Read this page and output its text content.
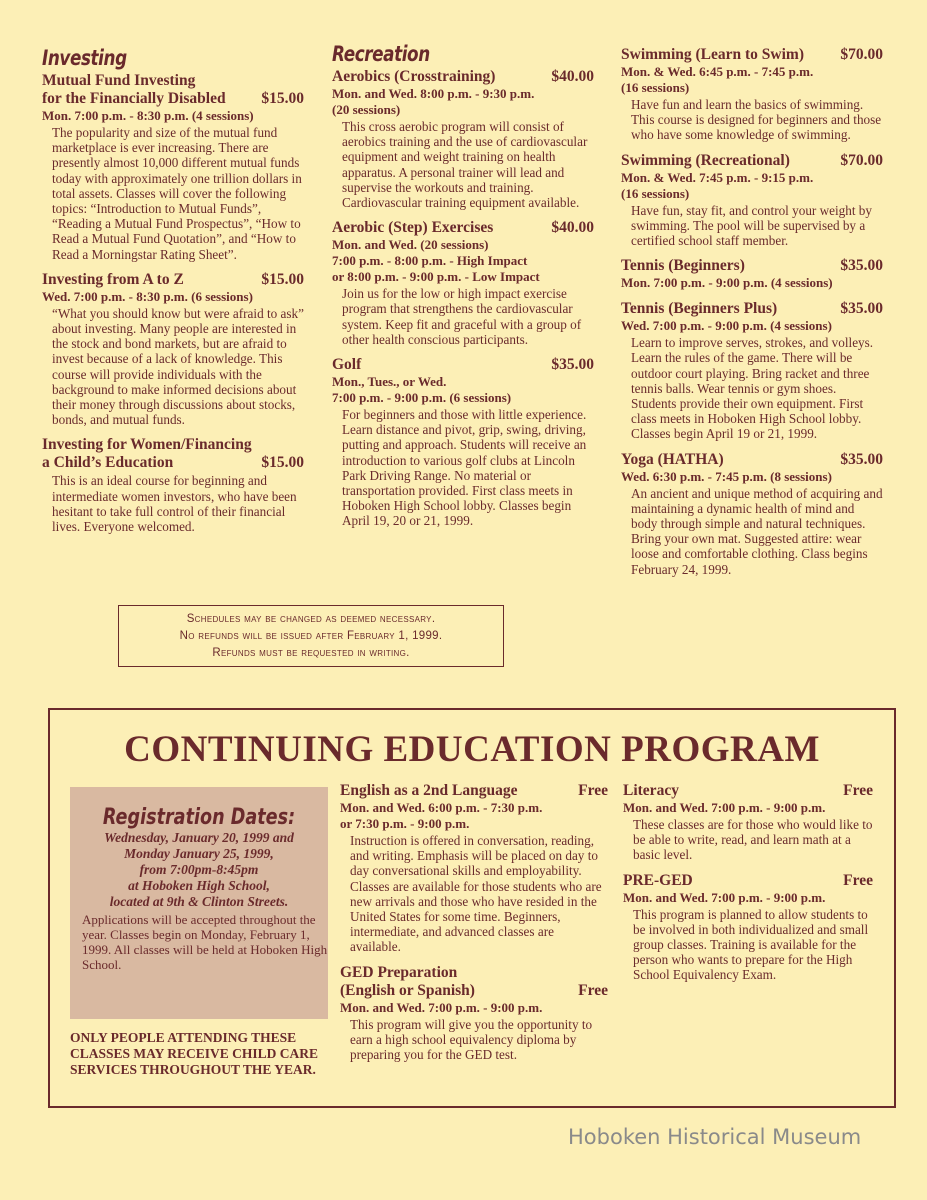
Investing
Mutual Fund Investing
for the Financially Disabled $15.00
Mon. 7:00 p.m. - 8:30 p.m. (4 sessions)
The popularity and size of the mutual fund marketplace is ever increasing. There are presently almost 10,000 different mutual funds today with approximately one trillion dollars in total assets. Classes will cover the following topics: “Introduction to Mutual Funds”, “Reading a Mutual Fund Prospectus”, “How to Read a Mutual Fund Quotation”, and “How to Read a Morningstar Rating Sheet”.
Investing from A to Z	$15.00
Wed. 7:00 p.m. - 8:30 p.m. (6 sessions)
“What you should know but were afraid to ask” about investing. Many people are interested in the stock and bond markets, but are afraid to invest because of a lack of knowledge. This course will provide individuals with the background to make informed decisions about their money through discussions about stocks, bonds, and mutual funds.
Investing for Women/Financing
a Child’s Education	$15.00
This is an ideal course for beginning and intermediate women investors, who have been hesitant to take full control of their financial lives. Everyone welcomed.
Recreation
Aerobics (Crosstraining)	$40.00
Mon. and Wed. 8:00 p.m. - 9:30 p.m.
(20 sessions)
This cross aerobic program will consist of aerobics training and the use of cardiovascular equipment and weight training on health apparatus. A personal trainer will lead and supervise the workouts and training. Cardiovascular training equipment available.
Aerobic (Step) Exercises	$40.00
Mon. and Wed. (20 sessions)
7:00 p.m. - 8:00 p.m. - High Impact
or 8:00 p.m. - 9:00 p.m. - Low Impact
Join us for the low or high impact exercise program that strengthens the cardiovascular system. Keep fit and graceful with a group of other health conscious participants.
Golf	$35.00
Mon., Tues., or Wed.
7:00 p.m. - 9:00 p.m. (6 sessions)
For beginners and those with little experience. Learn distance and pivot, grip, swing, driving, putting and approach. Students will receive an introduction to various golf clubs at Lincoln Park Driving Range. No material or transportation provided. First class meets in Hoboken High School lobby. Classes begin April 19, 20 or 21, 1999.
Swimming (Learn to Swim) $70.00
Mon. & Wed. 6:45 p.m. - 7:45 p.m.
(16 sessions)
Have fun and learn the basics of swimming. This course is designed for beginners and those who have some knowledge of swimming.
Swimming (Recreational)	$70.00
Mon. & Wed. 7:45 p.m. - 9:15 p.m.
(16 sessions)
Have fun, stay fit, and control your weight by swimming. The pool will be supervised by a certified school staff member.
Tennis (Beginners)	$35.00
Mon. 7:00 p.m. - 9:00 p.m. (4 sessions)
Tennis (Beginners Plus)	$35.00
Wed. 7:00 p.m. - 9:00 p.m. (4 sessions)
Learn to improve serves, strokes, and volleys. Learn the rules of the game. There will be outdoor court playing. Bring racket and three tennis balls. Wear tennis or gym shoes. Students provide their own equipment. First class meets in Hoboken High School lobby. Classes begin April 19 or 21, 1999.
Yoga (HATHA)	$35.00
Wed. 6:30 p.m. - 7:45 p.m. (8 sessions)
An ancient and unique method of acquiring and maintaining a dynamic health of mind and body through simple and natural techniques. Bring your own mat. Suggested attire: wear loose and comfortable clothing. Class begins February 24, 1999.
Schedules may be changed as deemed necessary.
No refunds will be issued after February 1, 1999.
Refunds must be requested in writing.
CONTINUING EDUCATION PROGRAM
Registration Dates:
Wednesday, January 20, 1999 and
Monday January 25, 1999,
from 7:00pm-8:45pm
at Hoboken High School,
located at 9th & Clinton Streets.
Applications will be accepted throughout the year. Classes begin on Monday, February 1, 1999. All classes will be held at Hoboken High School.
ONLY PEOPLE ATTENDING THESE CLASSES MAY RECEIVE CHILD CARE SERVICES THROUGHOUT THE YEAR.
English as a 2nd Language	Free
Mon. and Wed. 6:00 p.m. - 7:30 p.m.
or 7:30 p.m. - 9:00 p.m.
Instruction is offered in conversation, reading, and writing. Emphasis will be placed on day to day conversational skills and employability. Classes are available for those students who are new arrivals and those who have resided in the United States for some time. Beginners, intermediate, and advanced classes are available.
GED Preparation
(English or Spanish)	Free
Mon. and Wed. 7:00 p.m. - 9:00 p.m.
This program will give you the opportunity to earn a high school equivalency diploma by preparing you for the GED test.
Literacy	Free
Mon. and Wed. 7:00 p.m. - 9:00 p.m.
These classes are for those who would like to be able to write, read, and learn math at a basic level.
PRE-GED	Free
Mon. and Wed. 7:00 p.m. - 9:00 p.m.
This program is planned to allow students to be involved in both individualized and small group classes. Training is available for the person who wants to prepare for the High School Equivalency Exam.
Hoboken Historical Museum
